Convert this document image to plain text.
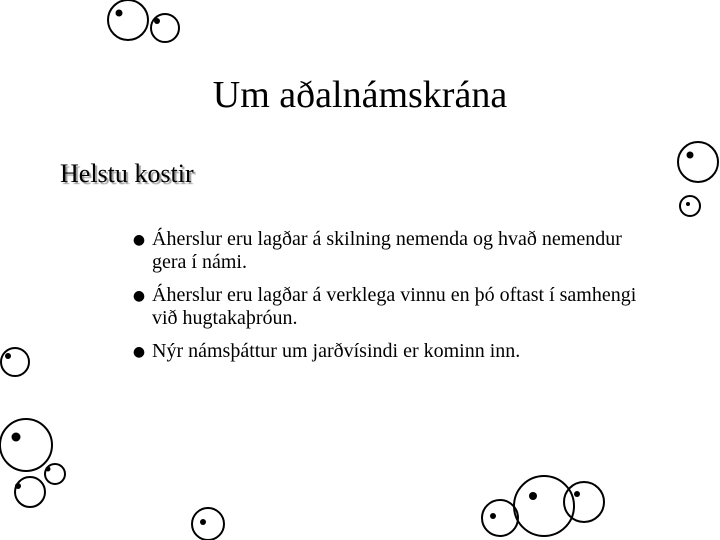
Um aðalnámskrána
Helstu kostir
● Áherslur eru lagðar á skilning nemenda og hvað nemendur gera í námi.
● Áherslur eru lagðar á verklega vinnu en þó oftast í samhengi við hugtakaþróun.
● Nýr námsþáttur um jarðvísindi er kominn inn.
